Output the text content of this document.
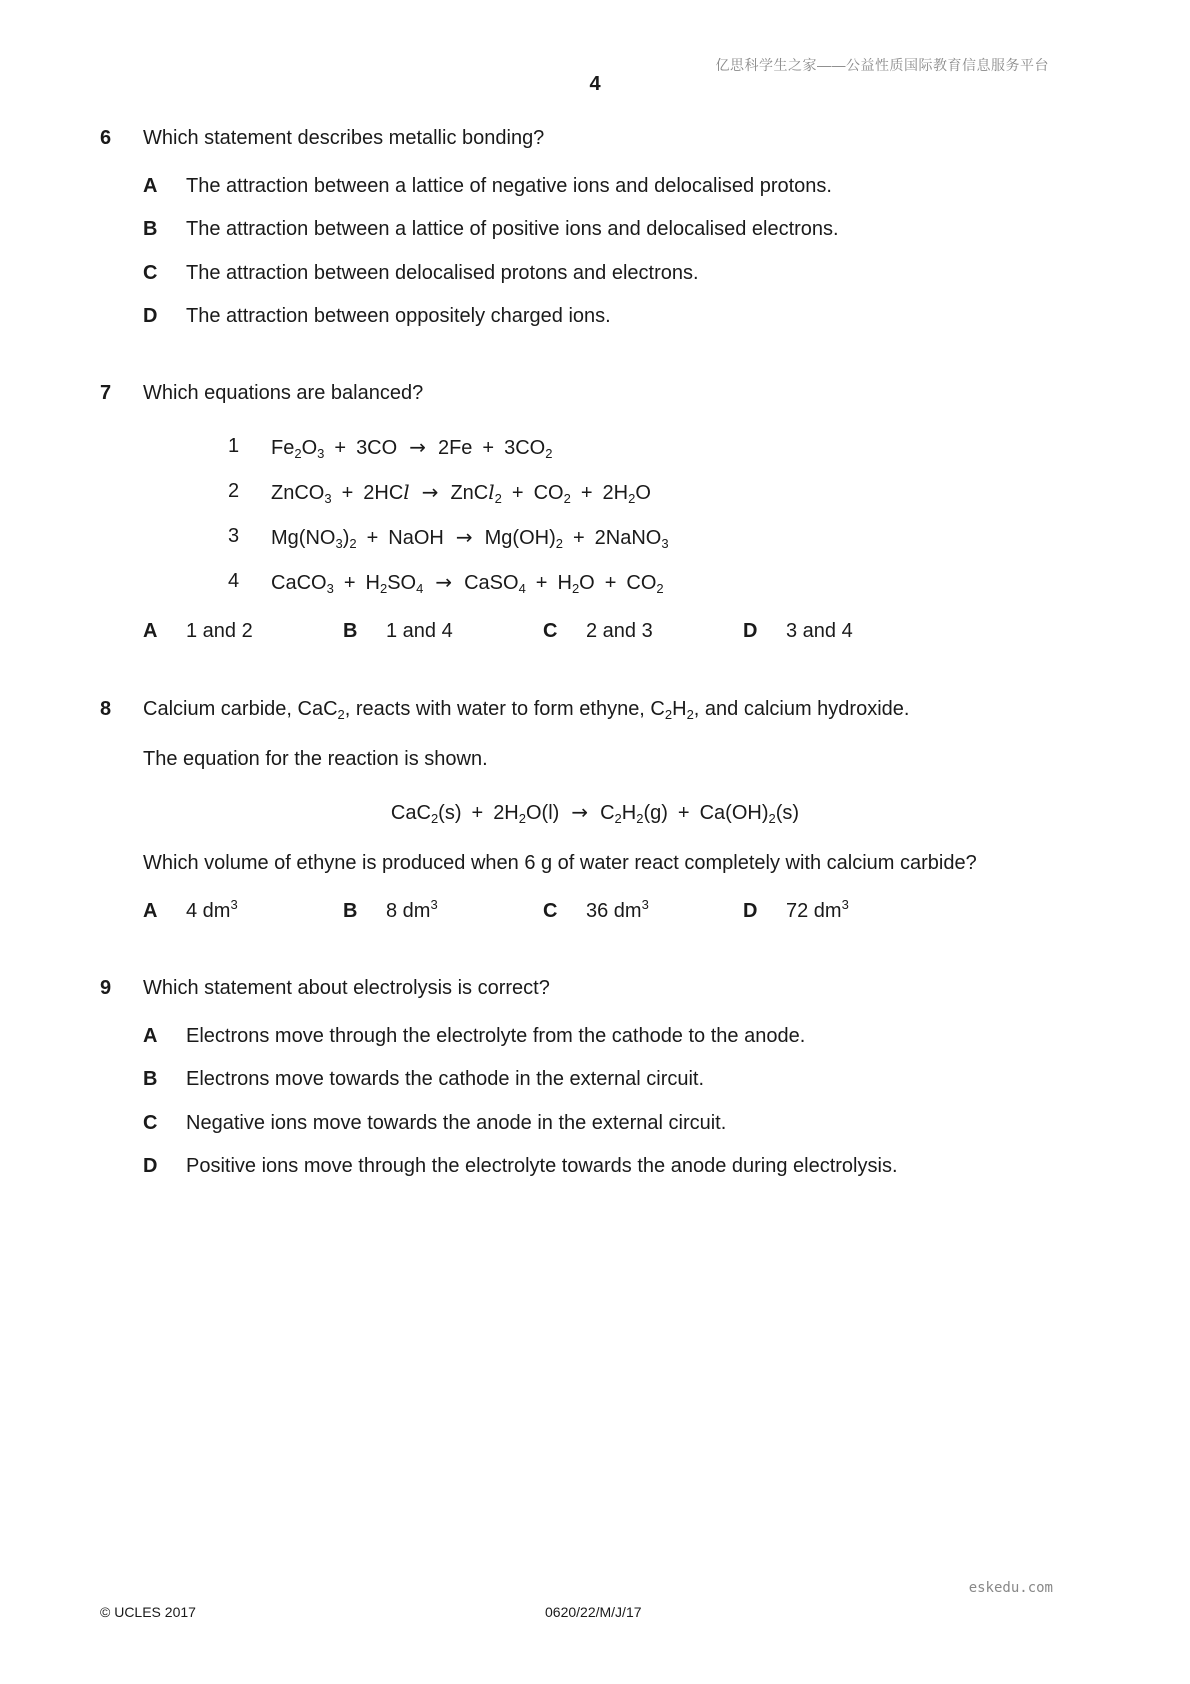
亿思科学生之家——公益性质国际教育信息服务平台
4
6 Which statement describes metallic bonding?
A The attraction between a lattice of negative ions and delocalised protons.
B The attraction between a lattice of positive ions and delocalised electrons.
C The attraction between delocalised protons and electrons.
D The attraction between oppositely charged ions.
7 Which equations are balanced?
1 $Fe_2O_3 + 3CO \to 2Fe + 3CO_2$
2 ZnCO$_3$ + 2HCl → ZnCl$_2$ + $CO_2 + 2H_2O$
3 $Mg(NO_3)_2$ + NaOH → $Mg(OH)_2$ + 2NaNO$_3$
4 CaCO$_3$ + $H_2SO_4$ → CaSO$_4$ + $H_2O + CO_2$
A 1 and 2	B 1 and 4	C 2 and 3	D 3 and 4
8 Calcium carbide, CaC$_2$, reacts with water to form ethyne, $C_2H_2$, and calcium hydroxide.
The equation for the reaction is shown.
$CaC_2(s) + 2H_2O(l) \to C_2H_2(g) + Ca(OH)_2(s)$
Which volume of ethyne is produced when 6 g of water react completely with calcium carbide?
A 4 $dm^3$	B 8 $dm^3$	C 36 $dm^3$	D 72 $dm^3$
9 Which statement about electrolysis is correct?
A Electrons move through the electrolyte from the cathode to the anode.
B Electrons move towards the cathode in the external circuit.
C Negative ions move towards the anode in the external circuit.
D Positive ions move through the electrolyte towards the anode during electrolysis.
eskedu.com
© UCLES 2017	0620/22/M/J/17
